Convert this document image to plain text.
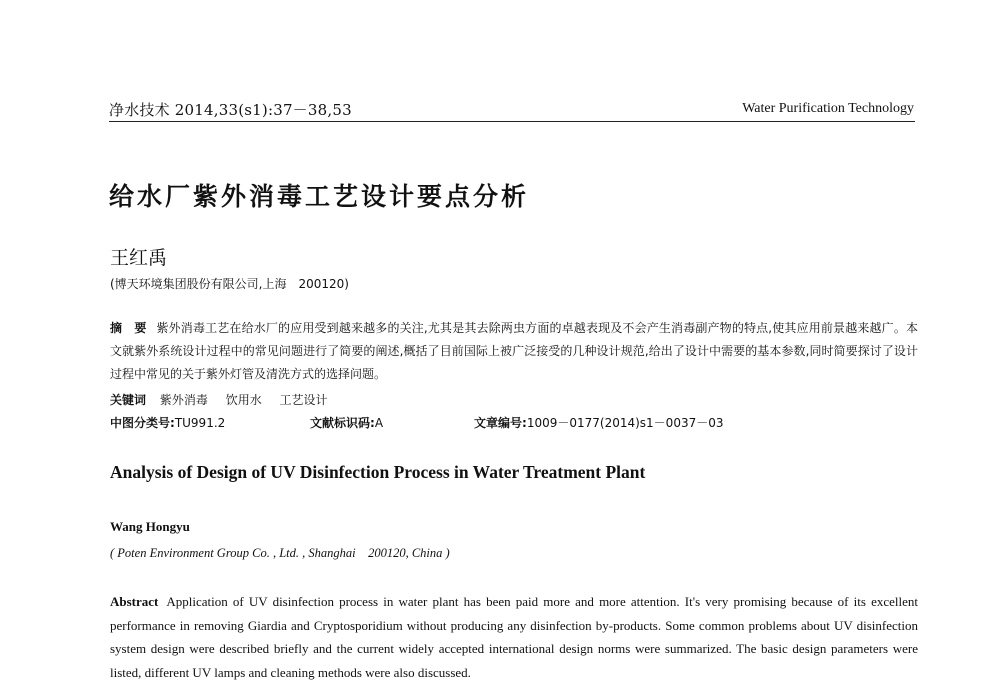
净水技术 2014,33(s1):37－38,53	Water Purification Technology
给水厂紫外消毒工艺设计要点分析
王红禹
(博天环境集团股份有限公司,上海　200120)

摘　要 紫外消毒工艺在给水厂的应用受到越来越多的关注,尤其是其去除两虫方面的卓越表现及不会产生消毒副产物的特点,使其应用前景越来越广。本文就紫外系统设计过程中的常见问题进行了简要的阐述,概括了目前国际上被广泛接受的几种设计规范,给出了设计中需要的基本参数,同时简要探讨了设计过程中常见的关于紫外灯管及清洗方式的选择问题。

关键词 紫外消毒 饮用水 工艺设计
中图分类号:TU991.2	文献标识码:A	文章编号:1009－0177(2014)s1－0037－03
Analysis of Design of UV Disinfection Process in Water Treatment Plant
Wang Hongyu
( Poten Environment Group Co. , Ltd. , Shanghai　200120, China )

Abstract Application of UV disinfection process in water plant has been paid more and more attention. It's very promising because of its excellent performance in removing Giardia and Cryptosporidium without producing any disinfection by-products. Some common problems about UV disinfection system design were described briefly and the current widely accepted international design norms were summarized. The basic design parameters were listed, different UV lamps and cleaning methods were also discussed.
